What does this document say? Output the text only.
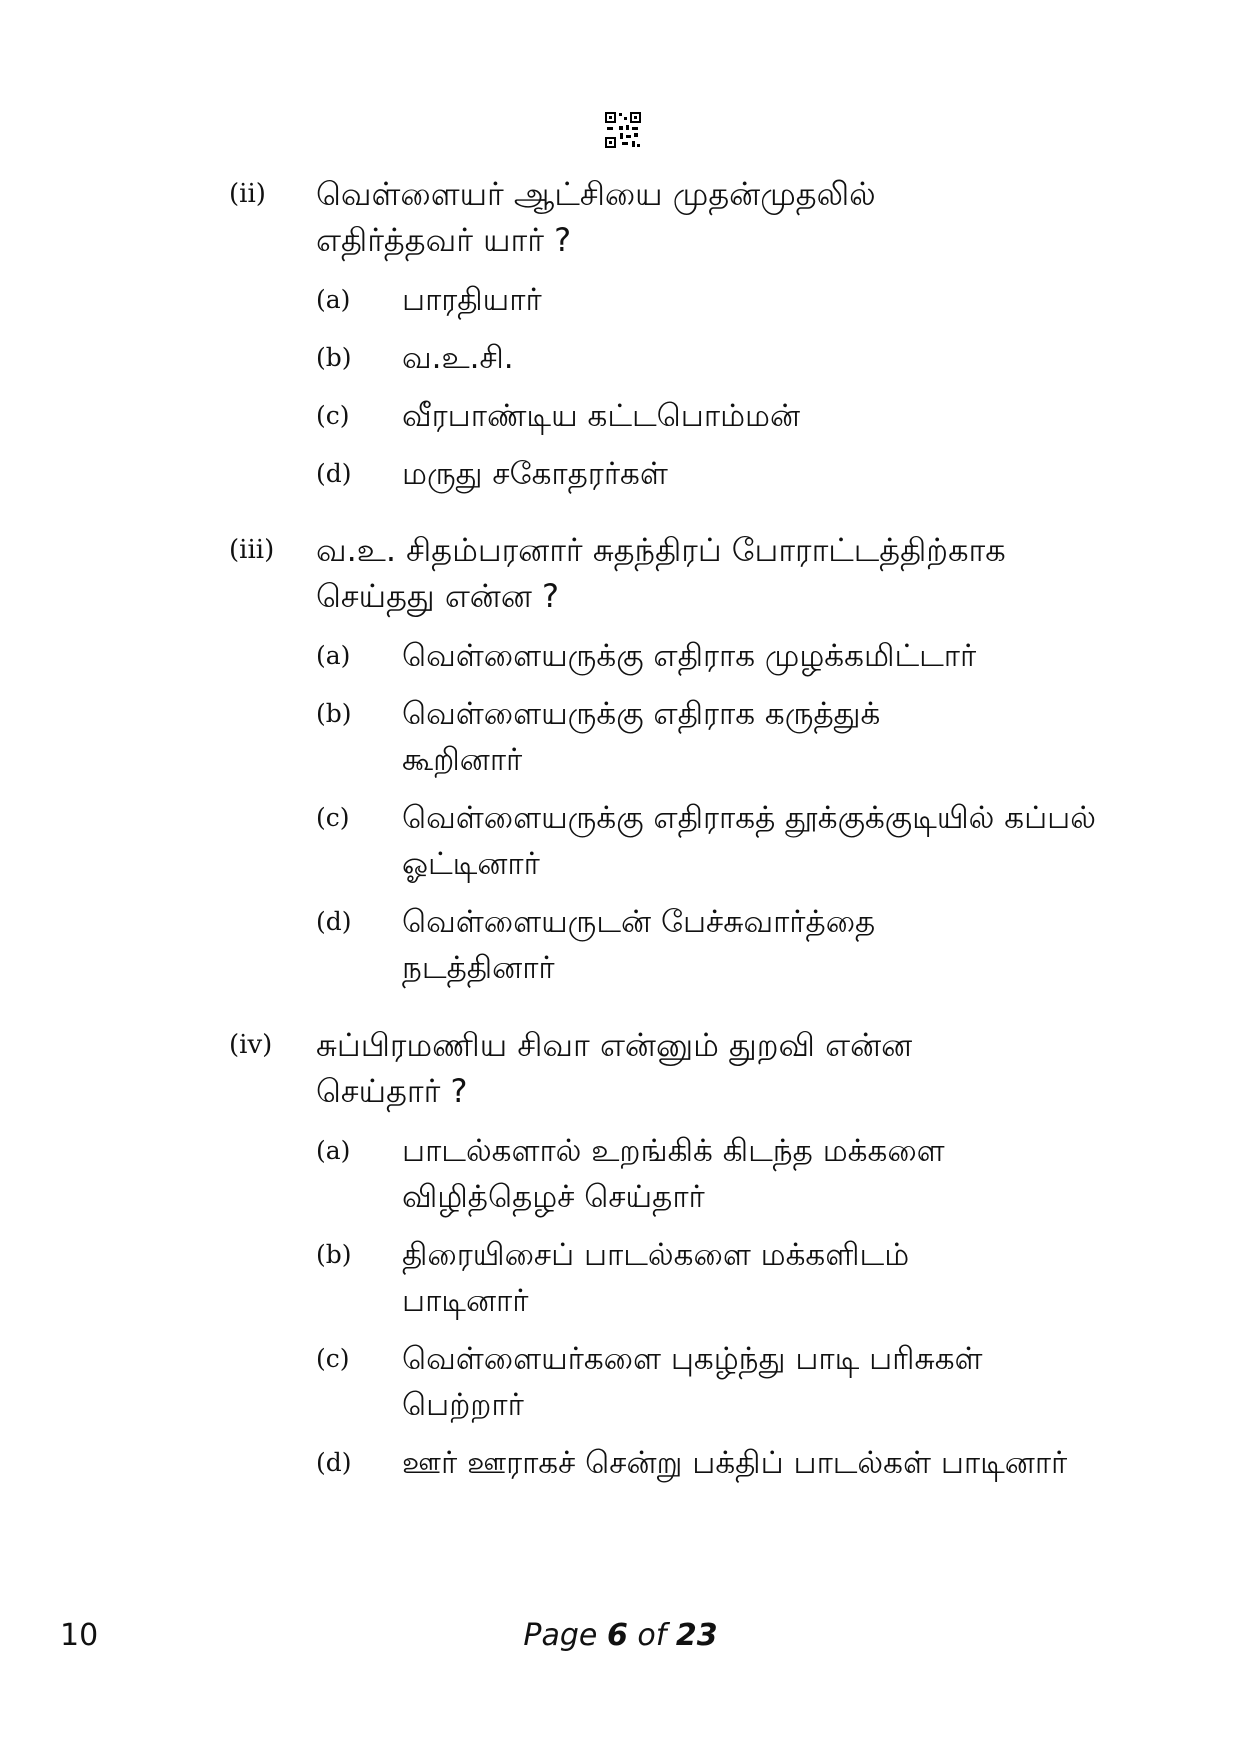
(ii)	வெள்ளையர் ஆட்சியை முதன்முதலில் எதிர்த்தவர் யார் ?
(a)	பாரதியார்
(b)	வ.உ.சி.
(c)	வீரபாண்டிய கட்டபொம்மன்
(d)	மருது சகோதரர்கள்
(iii)	வ.உ. சிதம்பரனார் சுதந்திரப் போராட்டத்திற்காக செய்தது என்ன ?
(a)	வெள்ளையருக்கு எதிராக முழக்கமிட்டார்
(b)	வெள்ளையருக்கு எதிராக கருத்துக் கூறினார்
(c)	வெள்ளையருக்கு எதிராகத் தூக்குக்குடியில் கப்பல் ஓட்டினார்
(d)	வெள்ளையருடன் பேச்சுவார்த்தை நடத்தினார்
(iv)	சுப்பிரமணிய சிவா என்னும் துறவி என்ன செய்தார் ?
(a)	பாடல்களால் உறங்கிக் கிடந்த மக்களை விழித்தெழச் செய்தார்
(b)	திரையிசைப் பாடல்களை மக்களிடம் பாடினார்
(c)	வெள்ளையர்களை புகழ்ந்து பாடி பரிசுகள் பெற்றார்
(d)	ஊர் ஊராகச் சென்று பக்திப் பாடல்கள் பாடினார்
10	Page 6 of 23
